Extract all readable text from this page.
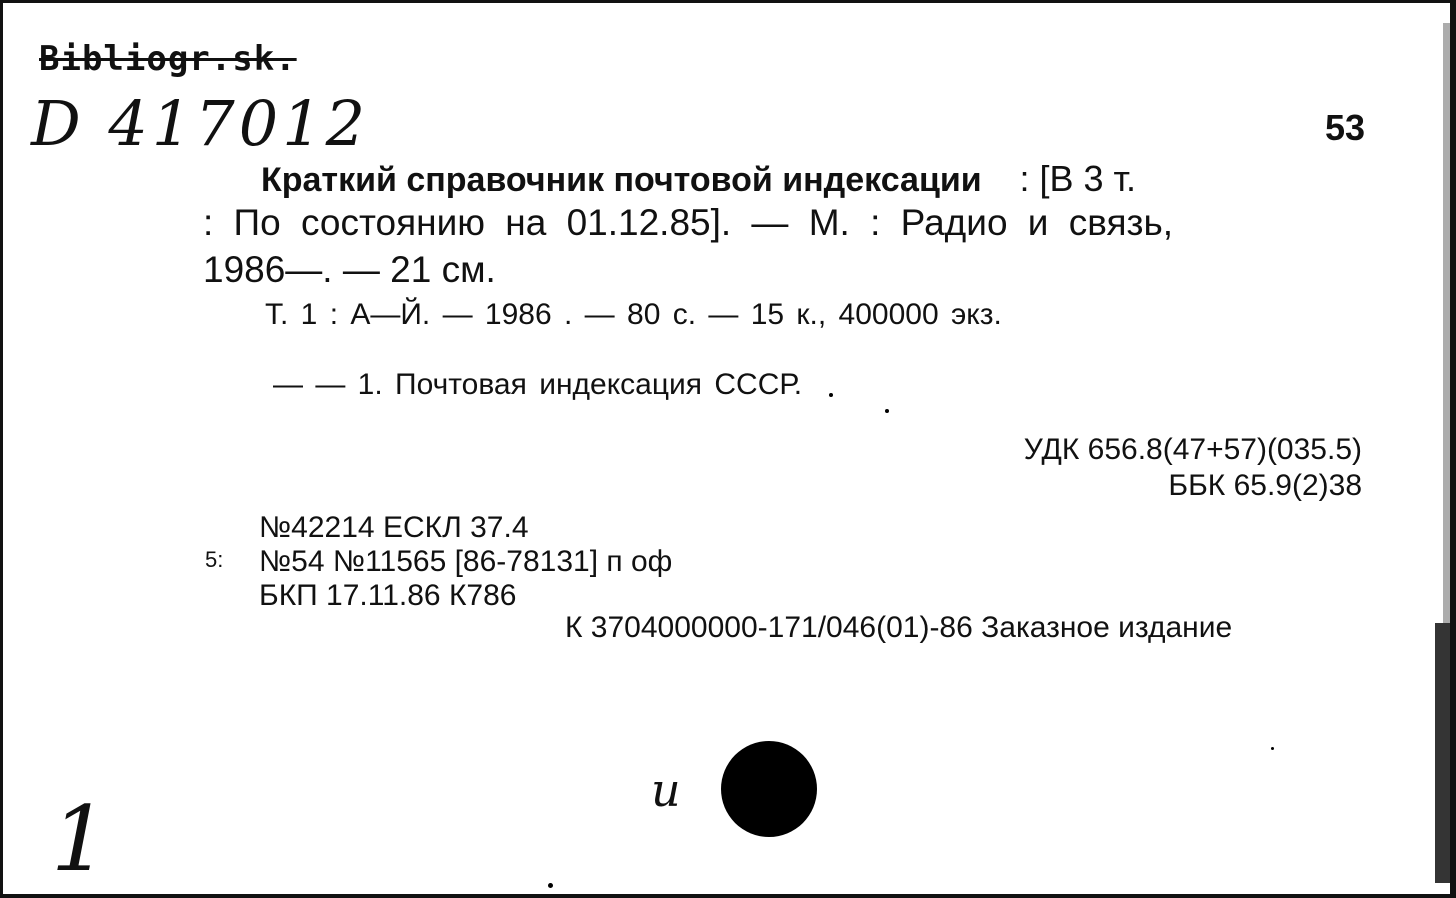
Bibliogr.sk.
D 417012	53
Краткий справочник почтовой индексации : [В 3 т.
: По состоянию на 01.12.85]. — М. : Радио и связь,
1986—. — 21 см.
Т. 1 : А—Й. — 1986 . — 80 с. — 15 к., 400000 экз.
— — 1. Почтовая индексация СССР.
УДК 656.8(47+57)(035.5)
ББК 65.9(2)38
№42214 ЕСКЛ 37.4
5: №54 №11565 [86-78131] п оф
БКП 17.11.86 К786
К 3704000000-171/046(01)-86 Заказное издание
и
1
